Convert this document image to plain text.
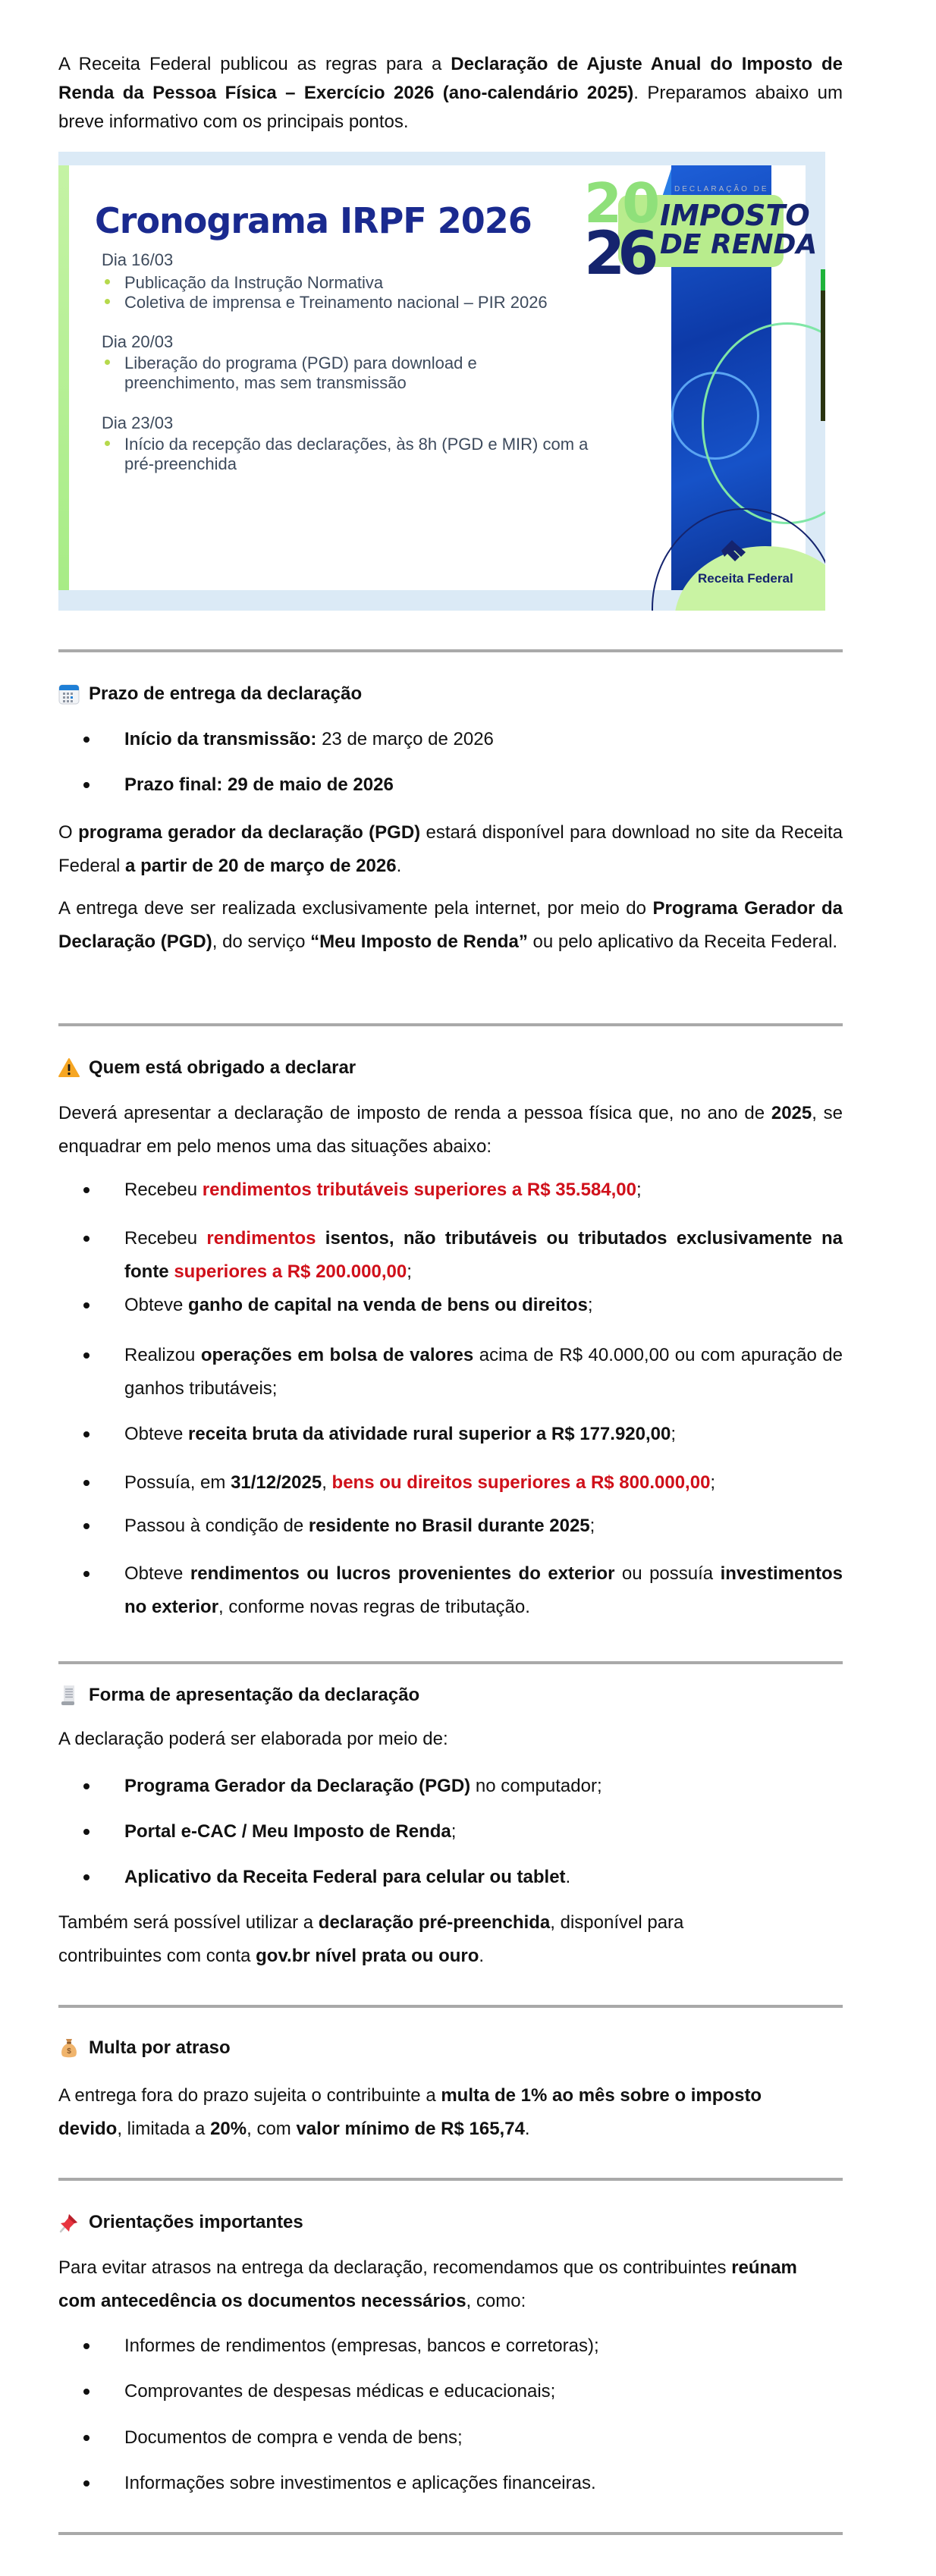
A Receita Federal publicou as regras para a Declaração de Ajuste Anual do Imposto de Renda da Pessoa Física – Exercício 2026 (ano-calendário 2025). Preparamos abaixo um breve informativo com os principais pontos.

Receita Federal
DECLARAÇÃO DE
20
26
IMPOSTO
DE RENDA
Cronograma IRPF 2026
Dia 16/03
Publicação da Instrução Normativa
Coletiva de imprensa e Treinamento nacional – PIR 2026
Dia 20/03
Liberação do programa (PGD) para download e preenchimento, mas sem transmissão
Dia 23/03
Início da recepção das declarações, às 8h (PGD e MIR) com a pré-preenchida
Prazo de entrega da declaração
Início da transmissão: 23 de março de 2026
Prazo final: 29 de maio de 2026

O programa gerador da declaração (PGD) estará disponível para download no site da Receita Federal a partir de 20 de março de 2026.

A entrega deve ser realizada exclusivamente pela internet, por meio do Programa Gerador da Declaração (PGD), do serviço “Meu Imposto de Renda” ou pelo aplicativo da Receita Federal.

Quem está obrigado a declarar

Deverá apresentar a declaração de imposto de renda a pessoa física que, no ano de 2025, se enquadrar em pelo menos uma das situações abaixo:

Recebeu rendimentos tributáveis superiores a R$ 35.584,00;
Recebeu rendimentos isentos, não tributáveis ou tributados exclusivamente na fonte superiores a R$ 200.000,00;
Obteve ganho de capital na venda de bens ou direitos;
Realizou operações em bolsa de valores acima de R$ 40.000,00 ou com apuração de ganhos tributáveis;
Obteve receita bruta da atividade rural superior a R$ 177.920,00;
Possuía, em 31/12/2025, bens ou direitos superiores a R$ 800.000,00;
Passou à condição de residente no Brasil durante 2025;
Obteve rendimentos ou lucros provenientes do exterior ou possuía investimentos no exterior, conforme novas regras de tributação.
Forma de apresentação da declaração

A declaração poderá ser elaborada por meio de:

Programa Gerador da Declaração (PGD) no computador;
Portal e-CAC / Meu Imposto de Renda;
Aplicativo da Receita Federal para celular ou tablet.

Também será possível utilizar a declaração pré-preenchida, disponível para contribuintes com conta gov.br nível prata ou ouro.

$ Multa por atraso

A entrega fora do prazo sujeita o contribuinte a multa de 1% ao mês sobre o imposto devido, limitada a 20%, com valor mínimo de R$ 165,74.

Orientações importantes

Para evitar atrasos na entrega da declaração, recomendamos que os contribuintes reúnam com antecedência os documentos necessários, como:

Informes de rendimentos (empresas, bancos e corretoras);
Comprovantes de despesas médicas e educacionais;
Documentos de compra e venda de bens;
Informações sobre investimentos e aplicações financeiras.
